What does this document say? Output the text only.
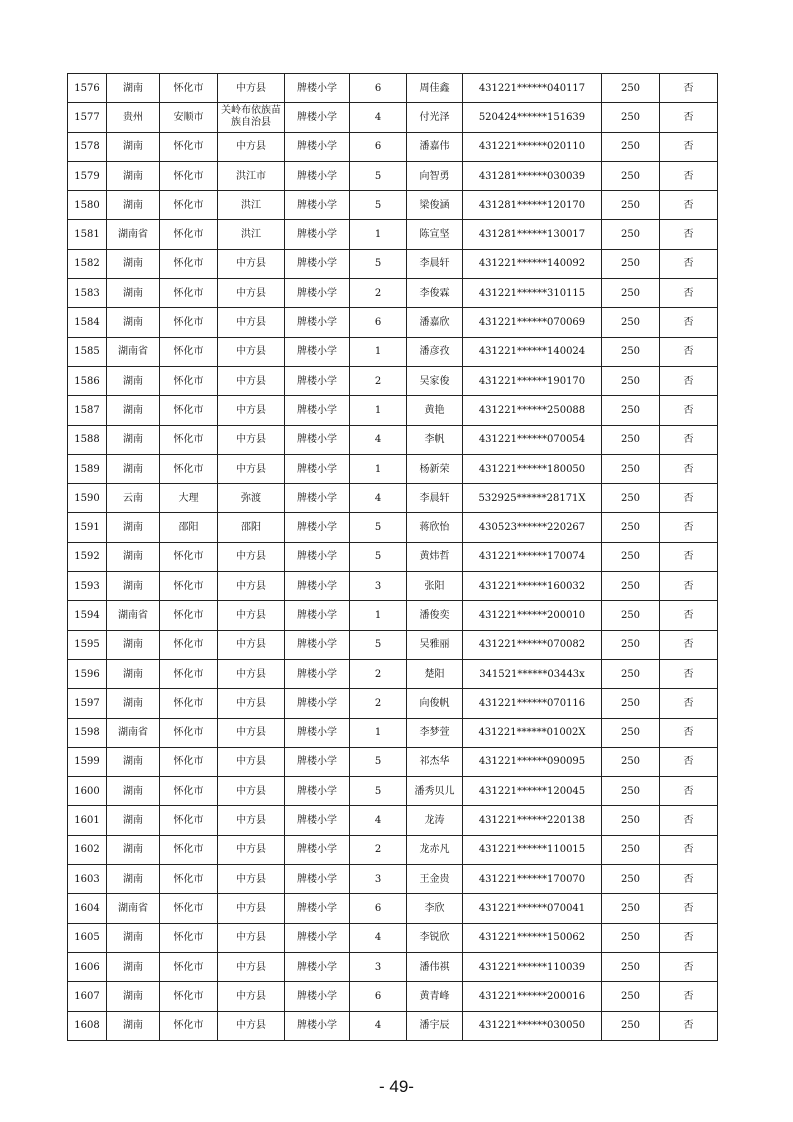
1576	湖南	怀化市	中方县	牌楼小学	6	周佳鑫	431221******040117	250	否
1577	贵州	安顺市	关岭布依族苗族自治县	牌楼小学	4	付光泽	520424******151639	250	否
1578	湖南	怀化市	中方县	牌楼小学	6	潘嘉伟	431221******020110	250	否
1579	湖南	怀化市	洪江市	牌楼小学	5	向智勇	431281******030039	250	否
1580	湖南	怀化市	洪江	牌楼小学	5	梁俊涵	431281******120170	250	否
1581	湖南省	怀化市	洪江	牌楼小学	1	陈宣坚	431281******130017	250	否
1582	湖南	怀化市	中方县	牌楼小学	5	李晨轩	431221******140092	250	否
1583	湖南	怀化市	中方县	牌楼小学	2	李俊霖	431221******310115	250	否
1584	湖南	怀化市	中方县	牌楼小学	6	潘嘉欣	431221******070069	250	否
1585	湖南省	怀化市	中方县	牌楼小学	1	潘彦孜	431221******140024	250	否
1586	湖南	怀化市	中方县	牌楼小学	2	吴家俊	431221******190170	250	否
1587	湖南	怀化市	中方县	牌楼小学	1	黄艳	431221******250088	250	否
1588	湖南	怀化市	中方县	牌楼小学	4	李帆	431221******070054	250	否
1589	湖南	怀化市	中方县	牌楼小学	1	杨新荣	431221******180050	250	否
1590	云南	大理	弥渡	牌楼小学	4	李晨轩	532925******28171X	250	否
1591	湖南	邵阳	邵阳	牌楼小学	5	蒋欣怡	430523******220267	250	否
1592	湖南	怀化市	中方县	牌楼小学	5	黄炜哲	431221******170074	250	否
1593	湖南	怀化市	中方县	牌楼小学	3	张阳	431221******160032	250	否
1594	湖南省	怀化市	中方县	牌楼小学	1	潘俊奕	431221******200010	250	否
1595	湖南	怀化市	中方县	牌楼小学	5	吴雅丽	431221******070082	250	否
1596	湖南	怀化市	中方县	牌楼小学	2	楚阳	341521******03443x	250	否
1597	湖南	怀化市	中方县	牌楼小学	2	向俊帆	431221******070116	250	否
1598	湖南省	怀化市	中方县	牌楼小学	1	李梦萱	431221******01002X	250	否
1599	湖南	怀化市	中方县	牌楼小学	5	祁杰华	431221******090095	250	否
1600	湖南	怀化市	中方县	牌楼小学	5	潘秀贝儿	431221******120045	250	否
1601	湖南	怀化市	中方县	牌楼小学	4	龙涛	431221******220138	250	否
1602	湖南	怀化市	中方县	牌楼小学	2	龙赤凡	431221******110015	250	否
1603	湖南	怀化市	中方县	牌楼小学	3	王金贵	431221******170070	250	否
1604	湖南省	怀化市	中方县	牌楼小学	6	李欣	431221******070041	250	否
1605	湖南	怀化市	中方县	牌楼小学	4	李锐欣	431221******150062	250	否
1606	湖南	怀化市	中方县	牌楼小学	3	潘伟祺	431221******110039	250	否
1607	湖南	怀化市	中方县	牌楼小学	6	黄青峰	431221******200016	250	否
1608	湖南	怀化市	中方县	牌楼小学	4	潘宇辰	431221******030050	250	否
- 49-
